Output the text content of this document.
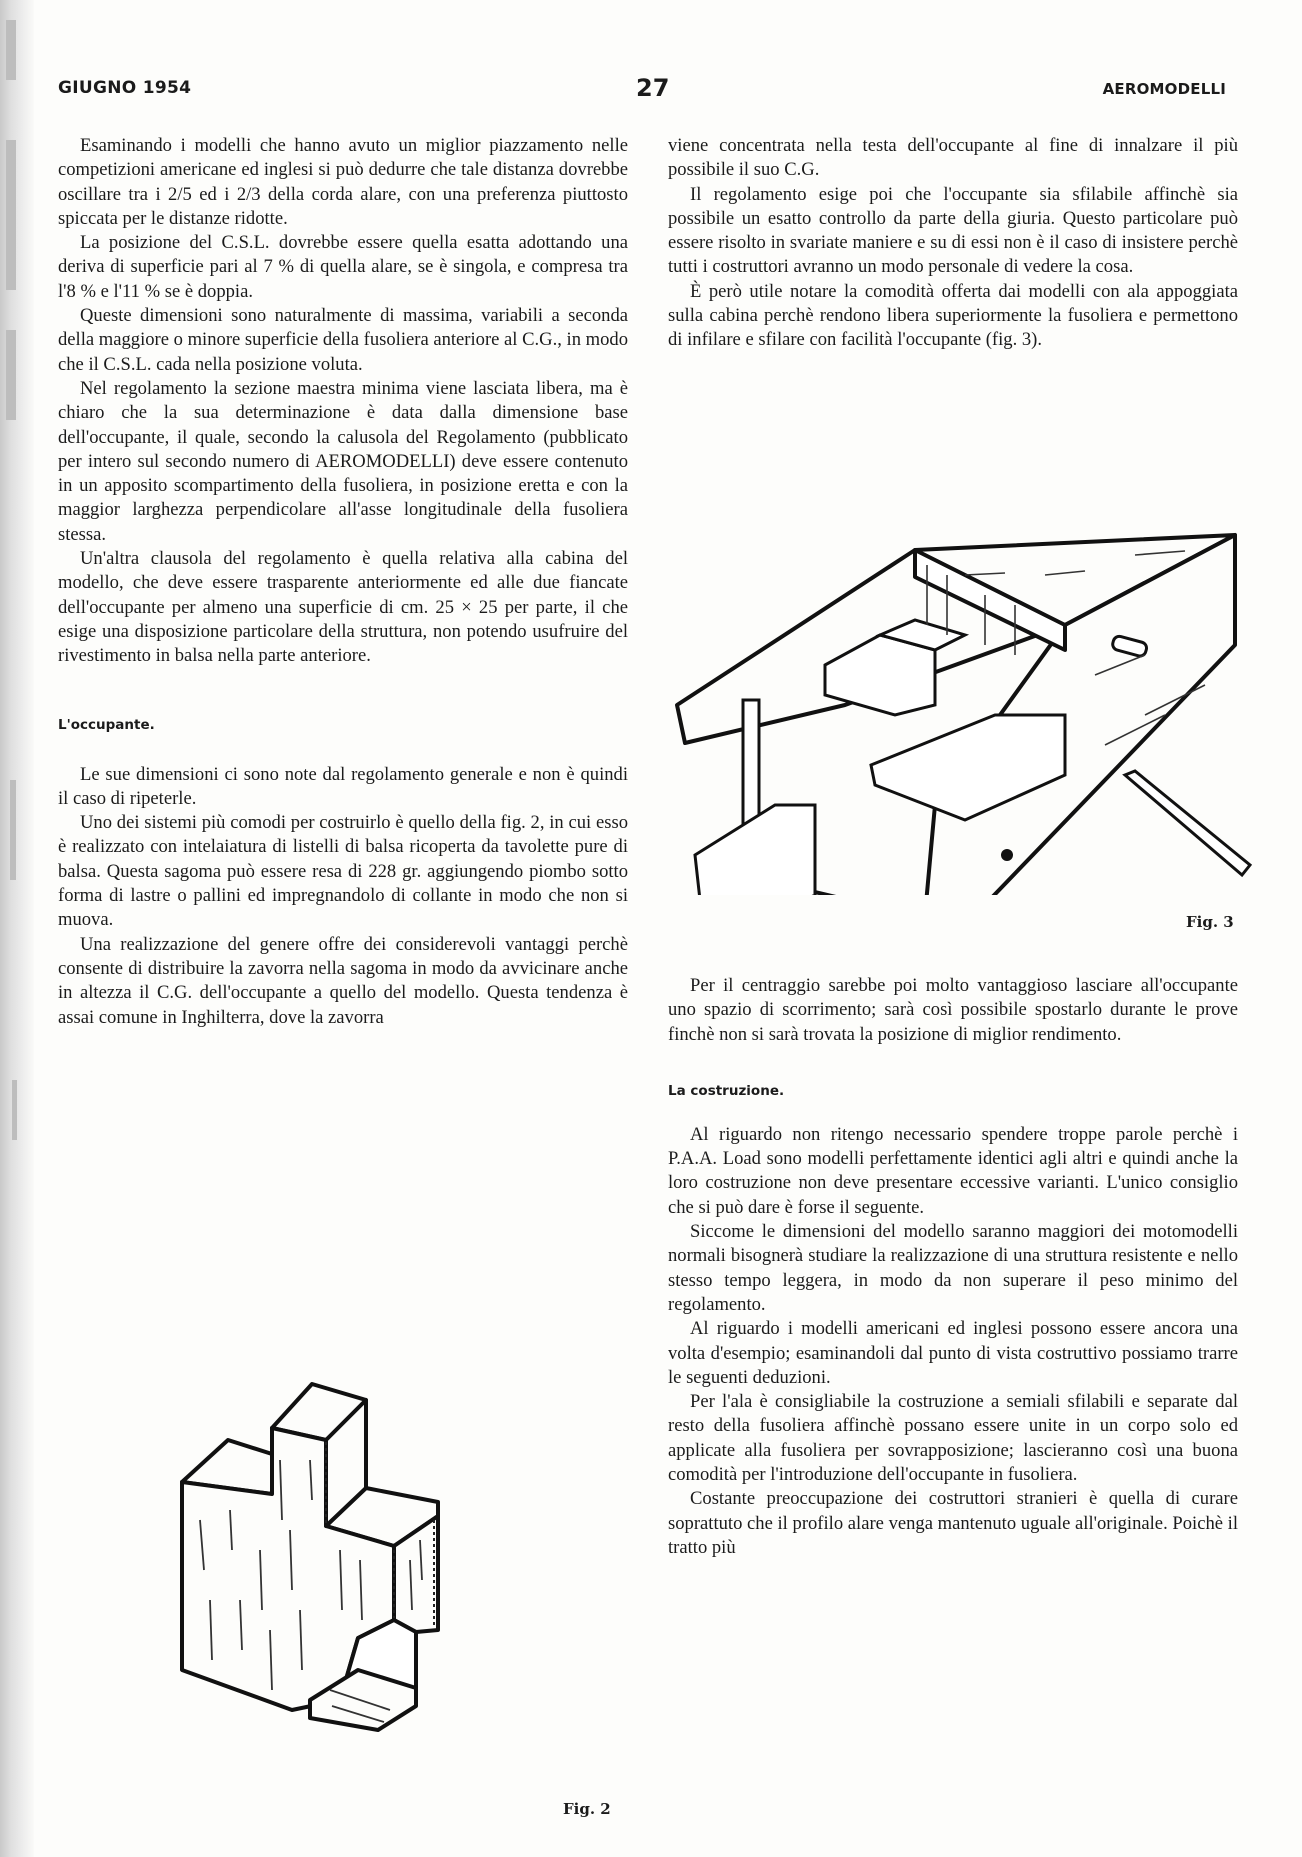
GIUGNO 1954	27	AEROMODELLI

Esaminando i modelli che hanno avuto un miglior piazzamento nelle competizioni americane ed inglesi si può dedurre che tale distanza dovrebbe oscillare tra i 2/5 ed i 2/3 della corda alare, con una preferenza piuttosto spiccata per le distanze ridotte.

La posizione del C.S.L. dovrebbe essere quella esatta adottando una deriva di superficie pari al 7 % di quella alare, se è singola, e compresa tra l'8 % e l'11 % se è doppia.

Queste dimensioni sono naturalmente di massima, variabili a seconda della maggiore o minore superficie della fusoliera anteriore al C.G., in modo che il C.S.L. cada nella posizione voluta.

Nel regolamento la sezione maestra minima viene lasciata libera, ma è chiaro che la sua determinazione è data dalla dimensione base dell'occupante, il quale, secondo la calusola del Regolamento (pubblicato per intero sul secondo numero di AEROMODELLI) deve essere contenuto in un apposito scompartimento della fusoliera, in posizione eretta e con la maggior larghezza perpendicolare all'asse longitudinale della fusoliera stessa.

Un'altra clausola del regolamento è quella relativa alla cabina del modello, che deve essere trasparente anteriormente ed alle due fiancate dell'occupante per almeno una superficie di cm. 25 × 25 per parte, il che esige una disposizione particolare della struttura, non potendo usufruire del rivestimento in balsa nella parte anteriore.

L'occupante.

Le sue dimensioni ci sono note dal regolamento generale e non è quindi il caso di ripeterle.

Uno dei sistemi più comodi per costruirlo è quello della fig. 2, in cui esso è realizzato con intelaiatura di listelli di balsa ricoperta da tavolette pure di balsa. Questa sagoma può essere resa di 228 gr. aggiungendo piombo sotto forma di lastre o pallini ed impregnandolo di collante in modo che non si muova.

Una realizzazione del genere offre dei considerevoli vantaggi perchè consente di distribuire la zavorra nella sagoma in modo da avvicinare anche in altezza il C.G. dell'occupante a quello del modello. Questa tendenza è assai comune in Inghilterra, dove la zavorra

Fig. 2

viene concentrata nella testa dell'occupante al fine di innalzare il più possibile il suo C.G.

Il regolamento esige poi che l'occupante sia sfilabile affinchè sia possibile un esatto controllo da parte della giuria. Questo particolare può essere risolto in svariate maniere e su di essi non è il caso di insistere perchè tutti i costruttori avranno un modo personale di vedere la cosa.

È però utile notare la comodità offerta dai modelli con ala appoggiata sulla cabina perchè rendono libera superiormente la fusoliera e permettono di infilare e sfilare con facilità l'occupante (fig. 3).

Fig. 3

Per il centraggio sarebbe poi molto vantaggioso lasciare all'occupante uno spazio di scorrimento; sarà così possibile spostarlo durante le prove finchè non si sarà trovata la posizione di miglior rendimento.

La costruzione.

Al riguardo non ritengo necessario spendere troppe parole perchè i P.A.A. Load sono modelli perfettamente identici agli altri e quindi anche la loro costruzione non deve presentare eccessive varianti. L'unico consiglio che si può dare è forse il seguente.

Siccome le dimensioni del modello saranno maggiori dei motomodelli normali bisognerà studiare la realizzazione di una struttura resistente e nello stesso tempo leggera, in modo da non superare il peso minimo del regolamento.

Al riguardo i modelli americani ed inglesi possono essere ancora una volta d'esempio; esaminandoli dal punto di vista costruttivo possiamo trarre le seguenti deduzioni.

Per l'ala è consigliabile la costruzione a semiali sfilabili e separate dal resto della fusoliera affinchè possano essere unite in un corpo solo ed applicate alla fusoliera per sovrapposizione; lascieranno così una buona comodità per l'introduzione dell'occupante in fusoliera.

Costante preoccupazione dei costruttori stranieri è quella di curare soprattuto che il profilo alare venga mantenuto uguale all'originale. Poichè il tratto più
